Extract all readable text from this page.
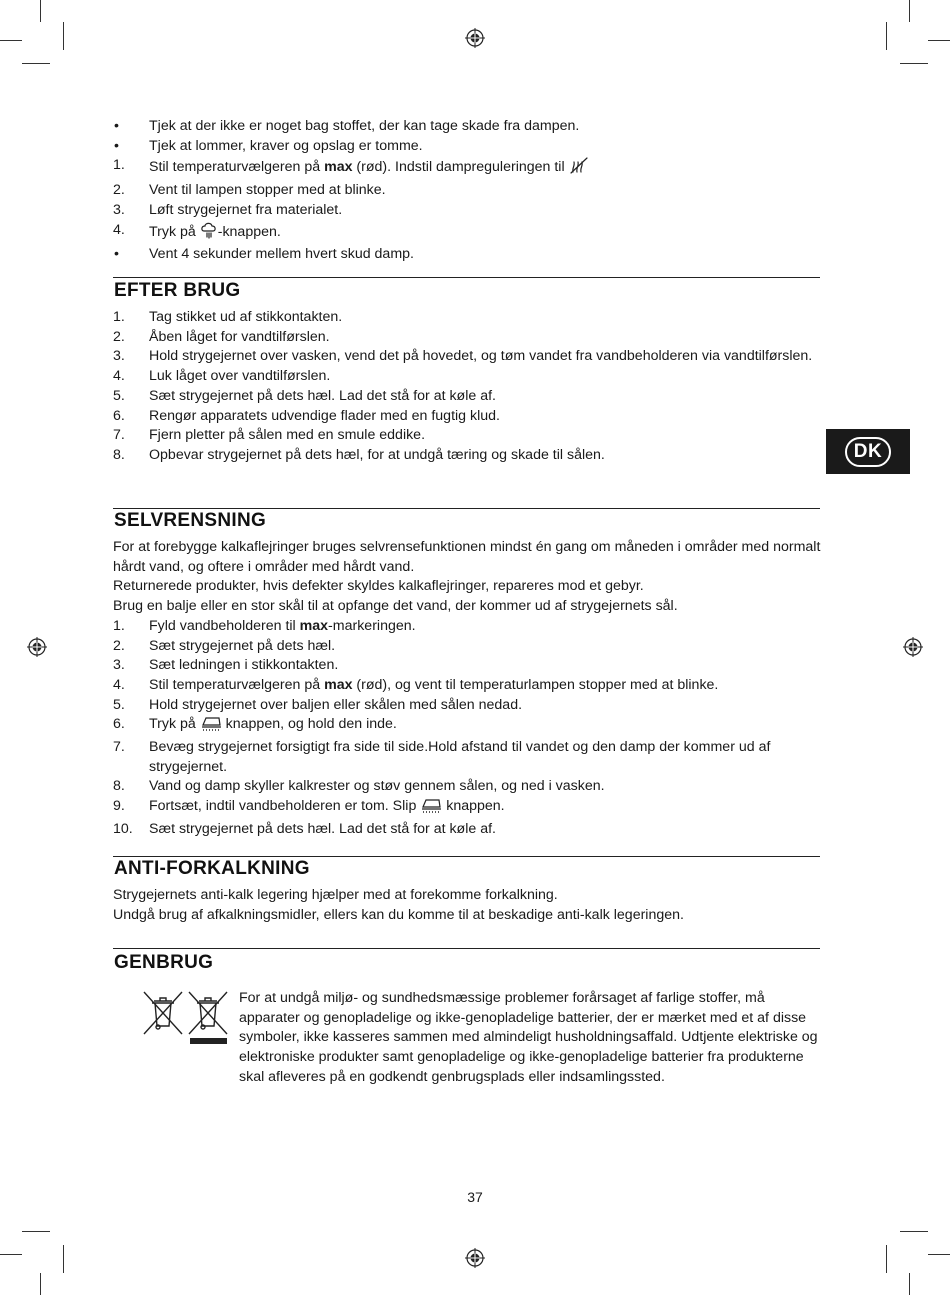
•	Tjek at der ikke er noget bag stoffet, der kan tage skade fra dampen.
•	Tjek at lommer, kraver og opslag er tomme.
1.	Stil temperaturvælgeren på max (rød). Indstil dampreguleringen til
2.	Vent til lampen stopper med at blinke.
3.	Løft strygejernet fra materialet.
4.	Tryk på -knappen.
•	Vent 4 sekunder mellem hvert skud damp.
EFTER BRUG
1.	Tag stikket ud af stikkontakten.
2.	Åben låget for vandtilførslen.
3.	Hold strygejernet over vasken, vend det på hovedet, og tøm vandet fra vandbeholderen via vandtilførslen.
4.	Luk låget over vandtilførslen.
5.	Sæt strygejernet på dets hæl. Lad det stå for at køle af.
6.	Rengør apparatets udvendige flader med en fugtig klud.
7.	Fjern pletter på sålen med en smule eddike.
8.	Opbevar strygejernet på dets hæl, for at undgå tæring og skade til sålen.
SELVRENSNING
For at forebygge kalkaflejringer bruges selvrensefunktionen mindst én gang om måneden i områder med normalt hårdt vand, og oftere i områder med hårdt vand.
Returnerede produkter, hvis defekter skyldes kalkaflejringer, repareres mod et gebyr.
Brug en balje eller en stor skål til at opfange det vand, der kommer ud af strygejernets sål.
1.	Fyld vandbeholderen til max-markeringen.
2.	Sæt strygejernet på dets hæl.
3.	Sæt ledningen i stikkontakten.
4.	Stil temperaturvælgeren på max (rød), og vent til temperaturlampen stopper med at blinke.
5.	Hold strygejernet over baljen eller skålen med sålen nedad.
6.	Tryk på  knappen, og hold den inde.
7.	Bevæg strygejernet forsigtigt fra side til side.Hold afstand til vandet og den damp der kommer ud af strygejernet.
8.	Vand og damp skyller kalkrester og støv gennem sålen, og ned i vasken.
9.	Fortsæt, indtil vandbeholderen er tom. Slip  knappen.
10.	Sæt strygejernet på dets hæl. Lad det stå for at køle af.
ANTI-FORKALKNING
Strygejernets anti-kalk legering hjælper med at forekomme forkalkning.
Undgå brug af afkalkningsmidler, ellers kan du komme til at beskadige anti-kalk legeringen.
GENBRUG
For at undgå miljø- og sundhedsmæssige problemer forårsaget af farlige stoffer, må apparater og genopladelige og ikke-genopladelige batterier, der er mærket med et af disse symboler, ikke kasseres sammen med almindeligt husholdningsaffald. Udtjente elektriske og elektroniske produkter samt genopladelige og ikke-genopladelige batterier fra produkterne skal afleveres på en godkendt genbrugsplads eller indsamlingssted.
DK
37
